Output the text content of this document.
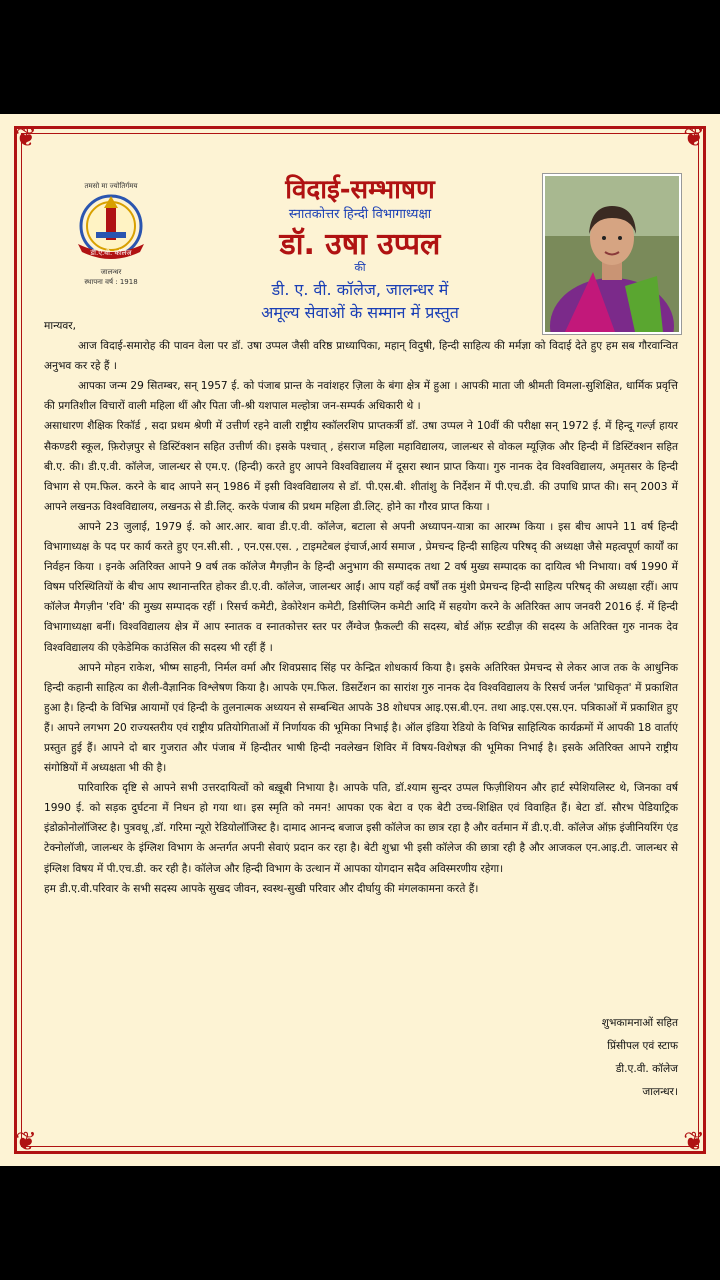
❦	❦
❦	❦
तमसो मा ज्योतिर्गमय
डी.ए.वी. कॉलेज
जालन्धर
स्थापना वर्ष : 1918
विदाई-सम्भाषण
स्नातकोत्तर हिन्दी विभागाध्यक्षा
डॉ. उषा उप्पल
की
डी. ए. वी. कॉलेज, जालन्धर में
अमूल्य सेवाओं के सम्मान में प्रस्तुत

मान्यवर,

आज विदाई-समारोह की पावन वेला पर डॉ. उषा उप्पल जैसी वरिष्ठ प्राध्यापिका, महान् विदुषी, हिन्दी साहित्य की मर्मज्ञा को विदाई देते हुए हम सब गौरवान्वित अनुभव कर रहे हैं ।

आपका जन्म 29 सितम्बर, सन् 1957 ई. को पंजाब प्रान्त के नवांशहर ज़िला के बंगा क्षेत्र में हुआ । आपकी माता जी श्रीमती विमला-सुशिक्षित, धार्मिक प्रवृत्ति की प्रगतिशील विचारों वाली महिला थीं और पिता जी-श्री यशपाल मल्होत्रा जन-सम्पर्क अधिकारी थे ।

असाधारण शैक्षिक रिकॉर्ड , सदा प्रथम श्रेणी में उत्तीर्ण रहने वाली राष्ट्रीय स्कॉलरशिप प्राप्तकर्त्री डॉ. उषा उप्पल ने 10वीं की परीक्षा सन् 1972 ई. में हिन्दू गर्ल्ज़ हायर सैकण्डरी स्कूल, फ़िरोज़पुर से डिस्टिंक्शन सहित उत्तीर्ण की। इसके पश्चात् , हंसराज महिला महाविद्यालय, जालन्धर से वोकल म्यूज़िक और हिन्दी में डिस्टिंक्शन सहित बी.ए. की। डी.ए.वी. कॉलेज, जालन्धर से एम.ए. (हिन्दी) करते हुए आपने विश्वविद्यालय में दूसरा स्थान प्राप्त किया। गुरु नानक देव विश्वविद्यालय, अमृतसर के हिन्दी विभाग से एम.फिल. करने के बाद आपने सन् 1986 में इसी विश्वविद्यालय से डॉ. पी.एस.बी. शीतांशु के निर्देशन में पी.एच.डी. की उपाधि प्राप्त की। सन् 2003 में आपने लखनऊ विश्वविद्यालय, लखनऊ से डी.लिट्. करके पंजाब की प्रथम महिला डी.लिट्. होने का गौरव प्राप्त किया ।

आपने 23 जुलाई, 1979 ई. को आर.आर. बावा डी.ए.वी. कॉलेज, बटाला से अपनी अध्यापन-यात्रा का आरम्भ किया । इस बीच आपने 11 वर्ष हिन्दी विभागाध्यक्ष के पद पर कार्य करते हुए एन.सी.सी. , एन.एस.एस. , टाइमटेबल इंचार्ज,आर्य समाज , प्रेमचन्द हिन्दी साहित्य परिषद् की अध्यक्षा जैसे महत्वपूर्ण कार्यों का निर्वहन किया । इनके अतिरिक्त आपने 9 वर्ष तक कॉलेज मैगज़ीन के हिन्दी अनुभाग की सम्पादक तथा 2 वर्ष मुख्य सम्पादक का दायित्व भी निभाया। वर्ष 1990 में विषम परिस्थितियों के बीच आप स्थानान्तरित होकर डी.ए.वी. कॉलेज, जालन्धर आईं। आप यहाँ कई वर्षों तक मुंशी प्रेमचन्द हिन्दी साहित्य परिषद् की अध्यक्षा रहीं। आप कॉलेज मैगज़ीन 'रवि' की मुख्य सम्पादक रहीं । रिसर्च कमेटी, डेकोरेशन कमेटी, डिसीप्लिन कमेटी आदि में सहयोग करने के अतिरिक्त आप जनवरी 2016 ई. में हिन्दी विभागाध्यक्षा बनीं। विश्वविद्यालय क्षेत्र में आप स्नातक व स्नातकोत्तर स्तर पर लैंग्वेज फ़ैकल्टी की सदस्य, बोर्ड ऑफ़ स्टडीज़ की सदस्य के अतिरिक्त गुरु नानक देव विश्वविद्यालय की एकेडेमिक काउंसिल की सदस्य भी रहीं हैं ।

आपने मोहन राकेश, भीष्म साहनी, निर्मल वर्मा और शिवप्रसाद सिंह पर केन्द्रित शोधकार्य किया है। इसके अतिरिक्त प्रेमचन्द से लेकर आज तक के आधुनिक हिन्दी कहानी साहित्य का शैली-वैज्ञानिक विश्लेषण किया है। आपके एम.फिल. डिसर्टेशन का सारांश गुरु नानक देव विश्वविद्यालय के रिसर्च जर्नल 'प्राधिकृत' में प्रकाशित हुआ है। हिन्दी के विभिन्न आयामों एवं हिन्दी के तुलनात्मक अध्ययन से सम्बन्धित आपके 38 शोधपत्र आइ.एस.बी.एन. तथा आइ.एस.एस.एन. पत्रिकाओं में प्रकाशित हुए हैं। आपने लगभग 20 राज्यस्तरीय एवं राष्ट्रीय प्रतियोगिताओं में निर्णायक की भूमिका निभाई है। ऑल इंडिया रेडियो के विभिन्न साहित्यिक कार्यक्रमों में आपकी 18 वार्ताएं प्रस्तुत हुई हैं। आपने दो बार गुजरात और पंजाब में हिन्दीतर भाषी हिन्दी नवलेखन शिविर में विषय-विशेषज्ञ की भूमिका निभाई है। इसके अतिरिक्त आपने राष्ट्रीय संगोष्ठियों में अध्यक्षता भी की है।

पारिवारिक दृष्टि से आपने सभी उत्तरदायित्वों को बख़ूबी निभाया है। आपके पति, डॉ.श्याम सुन्दर उप्पल फिज़ीशियन और हार्ट स्पेशियलिस्ट थे, जिनका वर्ष 1990 ई. को सड़क दुर्घटना में निधन हो गया था। इस स्मृति को नमन! आपका एक बेटा व एक बेटी उच्च-शिक्षित एवं विवाहित हैं। बेटा डॉ. सौरभ पेडियाट्रिक इंडोक्रोनोलॉजिस्ट है। पुत्रवधू ,डॉ. गरिमा न्यूरो रेडियोलॉजिस्ट है। दामाद आनन्द बजाज इसी कॉलेज का छात्र रहा है और वर्तमान में डी.ए.वी. कॉलेज ऑफ़ इंजीनियरिंग एंड टेक्नोलॉजी, जालन्धर के इंग्लिश विभाग के अन्तर्गत अपनी सेवाएं प्रदान कर रहा है। बेटी शुभ्रा भी इसी कॉलेज की छात्रा रही है और आजकल एन.आइ.टी. जालन्धर से इंग्लिश विषय में पी.एच.डी. कर रही है। कॉलेज और हिन्दी विभाग के उत्थान में आपका योगदान सदैव अविस्मरणीय रहेगा।

हम डी.ए.वी.परिवार के सभी सदस्य आपके सुखद जीवन, स्वस्थ-सुखी परिवार और दीर्घायु की मंगलकामना करते हैं।

शुभकामनाओं सहित
प्रिंसीपल एवं स्टाफ
डी.ए.वी. कॉलेज
जालन्धर।
